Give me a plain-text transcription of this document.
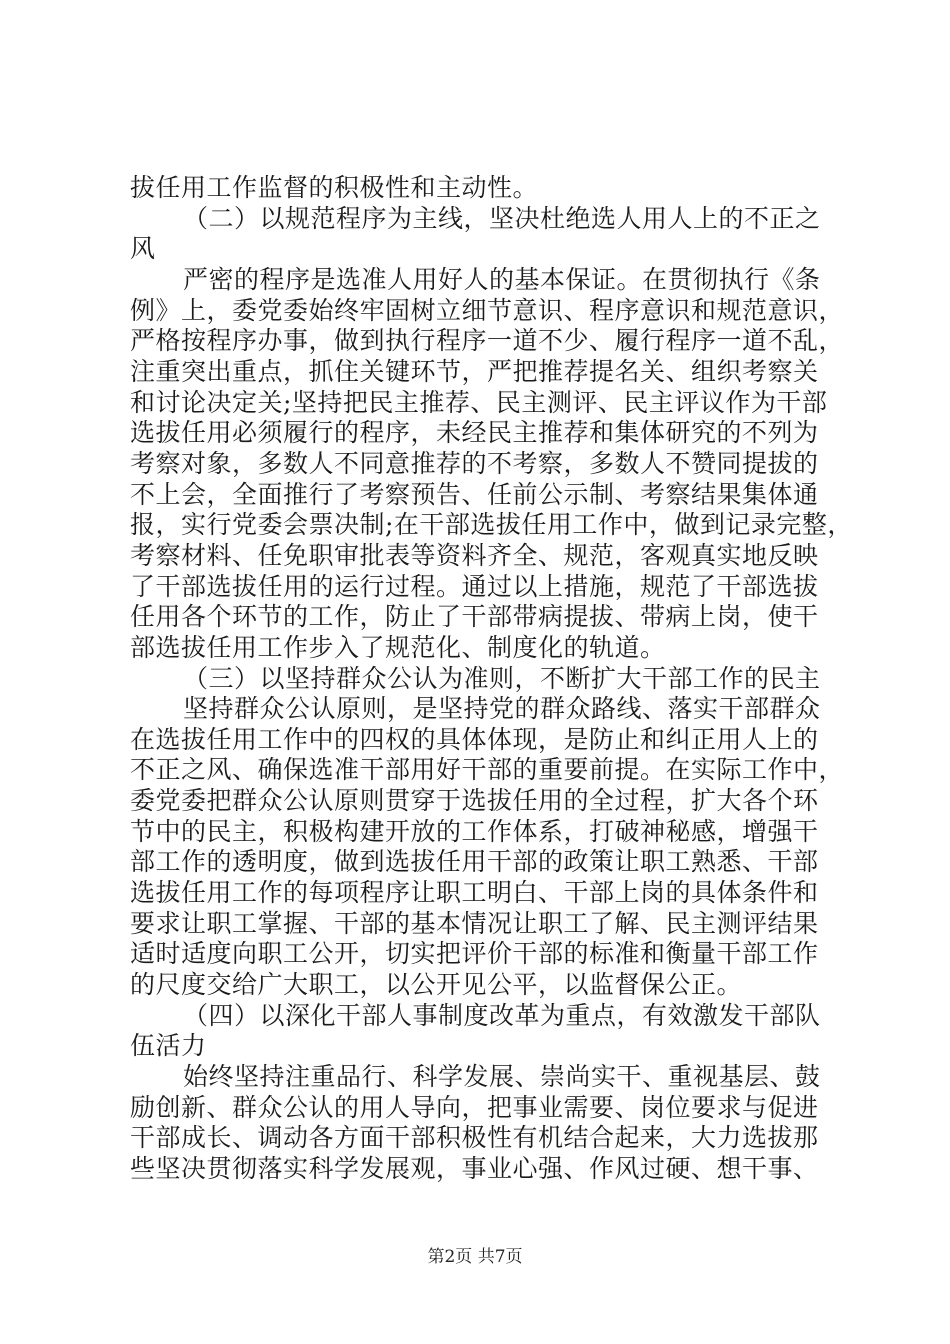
拔任用工作监督的积极性和主动性。
（二）以规范程序为主线，坚决杜绝选人用人上的不正之
风
严密的程序是选准人用好人的基本保证。在贯彻执行《条
例》上，委党委始终牢固树立细节意识、程序意识和规范意识，
严格按程序办事，做到执行程序一道不少、履行程序一道不乱，
注重突出重点，抓住关键环节，严把推荐提名关、组织考察关
和讨论决定关;坚持把民主推荐、民主测评、民主评议作为干部
选拔任用必须履行的程序，未经民主推荐和集体研究的不列为
考察对象，多数人不同意推荐的不考察，多数人不赞同提拔的
不上会，全面推行了考察预告、任前公示制、考察结果集体通
报，实行党委会票决制;在干部选拔任用工作中，做到记录完整，
考察材料、任免职审批表等资料齐全、规范，客观真实地反映
了干部选拔任用的运行过程。通过以上措施，规范了干部选拔
任用各个环节的工作，防止了干部带病提拔、带病上岗，使干
部选拔任用工作步入了规范化、制度化的轨道。
（三）以坚持群众公认为准则，不断扩大干部工作的民主
坚持群众公认原则，是坚持党的群众路线、落实干部群众
在选拔任用工作中的四权的具体体现，是防止和纠正用人上的
不正之风、确保选准干部用好干部的重要前提。在实际工作中，
委党委把群众公认原则贯穿于选拔任用的全过程，扩大各个环
节中的民主，积极构建开放的工作体系，打破神秘感，增强干
部工作的透明度，做到选拔任用干部的政策让职工熟悉、干部
选拔任用工作的每项程序让职工明白、干部上岗的具体条件和
要求让职工掌握、干部的基本情况让职工了解、民主测评结果
适时适度向职工公开，切实把评价干部的标准和衡量干部工作
的尺度交给广大职工，以公开见公平，以监督保公正。
（四）以深化干部人事制度改革为重点，有效激发干部队
伍活力
始终坚持注重品行、科学发展、崇尚实干、重视基层、鼓
励创新、群众公认的用人导向，把事业需要、岗位要求与促进
干部成长、调动各方面干部积极性有机结合起来，大力选拔那
些坚决贯彻落实科学发展观，事业心强、作风过硬、想干事、
第2页 共7页
